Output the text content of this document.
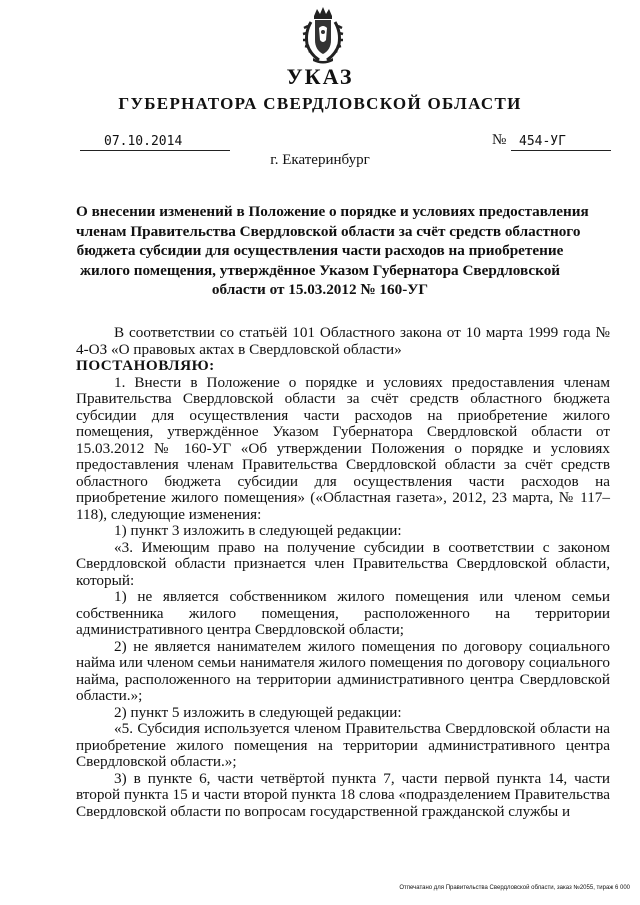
УКАЗ
ГУБЕРНАТОРА СВЕРДЛОВСКОЙ ОБЛАСТИ
07.10.2014	№ 454-УГ
г. Екатеринбург
О внесении изменений в Положение о порядке и условиях предоставления
членам Правительства Свердловской области за счёт средств областного
бюджета субсидии для осуществления части расходов на приобретение
жилого помещения, утверждённое Указом Губернатора Свердловской
области от 15.03.2012 № 160-УГ

В соответствии со статьёй 101 Областного закона от 10 марта 1999 года № 4-ОЗ «О правовых актах в Свердловской области»

ПОСТАНОВЛЯЮ:

1. Внести в Положение о порядке и условиях предоставления членам Правительства Свердловской области за счёт средств областного бюджета субсидии для осуществления части расходов на приобретение жилого помещения, утверждённое Указом Губернатора Свердловской области от 15.03.2012 № 160-УГ «Об утверждении Положения о порядке и условиях предоставления членам Правительства Свердловской области за счёт средств областного бюджета субсидии для осуществления части расходов на приобретение жилого помещения» («Областная газета», 2012, 23 марта, № 117–118), следующие изменения:

1) пункт 3 изложить в следующей редакции:

«3. Имеющим право на получение субсидии в соответствии с законом Свердловской области признается член Правительства Свердловской области, который:

1) не является собственником жилого помещения или членом семьи собственника жилого помещения, расположенного на территории административного центра Свердловской области;

2) не является нанимателем жилого помещения по договору социального найма или членом семьи нанимателя жилого помещения по договору социального найма, расположенного на территории административного центра Свердловской области.»;

2) пункт 5 изложить в следующей редакции:

«5. Субсидия используется членом Правительства Свердловской области на приобретение жилого помещения на территории административного центра Свердловской области.»;

3) в пункте 6, части четвёртой пункта 7, части первой пункта 14, части второй пункта 15 и части второй пункта 18 слова «подразделением Правительства Свердловской области по вопросам государственной гражданской службы и

Отпечатано для Правительства Свердловской области, заказ №2055, тираж 6 000
